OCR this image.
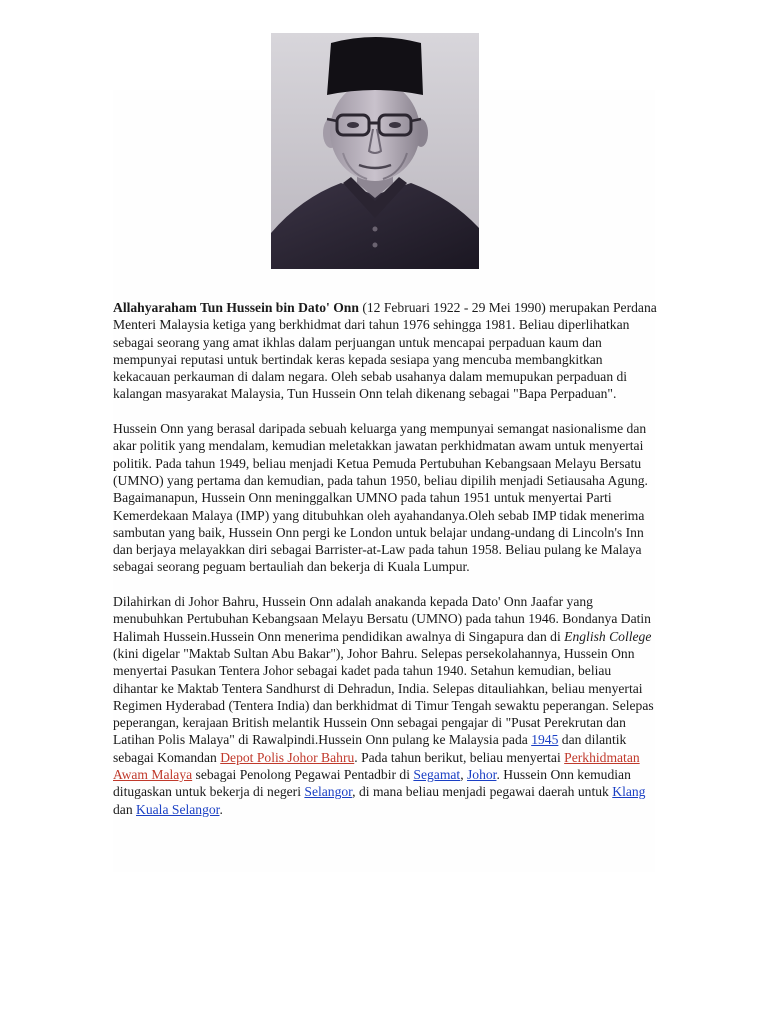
Allahyaraham Tun Hussein bin Dato' Onn (12 Februari 1922 - 29 Mei 1990) merupakan Perdana Menteri Malaysia ketiga yang berkhidmat dari tahun 1976 sehingga 1981. Beliau diperlihatkan sebagai seorang yang amat ikhlas dalam perjuangan untuk mencapai perpaduan kaum dan mempunyai reputasi untuk bertindak keras kepada sesiapa yang mencuba membangkitkan kekacauan perkauman di dalam negara. Oleh sebab usahanya dalam memupukan perpaduan di kalangan masyarakat Malaysia, Tun Hussein Onn telah dikenang sebagai "Bapa Perpaduan".

Hussein Onn yang berasal daripada sebuah keluarga yang mempunyai semangat nasionalisme dan akar politik yang mendalam, kemudian meletakkan jawatan perkhidmatan awam untuk menyertai politik. Pada tahun 1949, beliau menjadi Ketua Pemuda Pertubuhan Kebangsaan Melayu Bersatu (UMNO) yang pertama dan kemudian, pada tahun 1950, beliau dipilih menjadi Setiausaha Agung. Bagaimanapun, Hussein Onn meninggalkan UMNO pada tahun 1951 untuk menyertai Parti Kemerdekaan Malaya (IMP) yang ditubuhkan oleh ayahandanya.Oleh sebab IMP tidak menerima sambutan yang baik, Hussein Onn pergi ke London untuk belajar undang-undang di Lincoln's Inn dan berjaya melayakkan diri sebagai Barrister-at-Law pada tahun 1958. Beliau pulang ke Malaya sebagai seorang peguam bertauliah dan bekerja di Kuala Lumpur.

Dilahirkan di Johor Bahru, Hussein Onn adalah anakanda kepada Dato' Onn Jaafar yang menubuhkan Pertubuhan Kebangsaan Melayu Bersatu (UMNO) pada tahun 1946. Bondanya Datin Halimah Hussein.Hussein Onn menerima pendidikan awalnya di Singapura dan di English College (kini digelar "Maktab Sultan Abu Bakar"), Johor Bahru. Selepas persekolahannya, Hussein Onn menyertai Pasukan Tentera Johor sebagai kadet pada tahun 1940. Setahun kemudian, beliau dihantar ke Maktab Tentera Sandhurst di Dehradun, India. Selepas ditauliahkan, beliau menyertai Regimen Hyderabad (Tentera India) dan berkhidmat di Timur Tengah sewaktu peperangan. Selepas peperangan, kerajaan British melantik Hussein Onn sebagai pengajar di "Pusat Perekrutan dan Latihan Polis Malaya" di Rawalpindi.Hussein Onn pulang ke Malaysia pada 1945 dan dilantik sebagai Komandan Depot Polis Johor Bahru. Pada tahun berikut, beliau menyertai Perkhidmatan Awam Malaya sebagai Penolong Pegawai Pentadbir di Segamat, Johor. Hussein Onn kemudian ditugaskan untuk bekerja di negeri Selangor, di mana beliau menjadi pegawai daerah untuk Klang dan Kuala Selangor.
